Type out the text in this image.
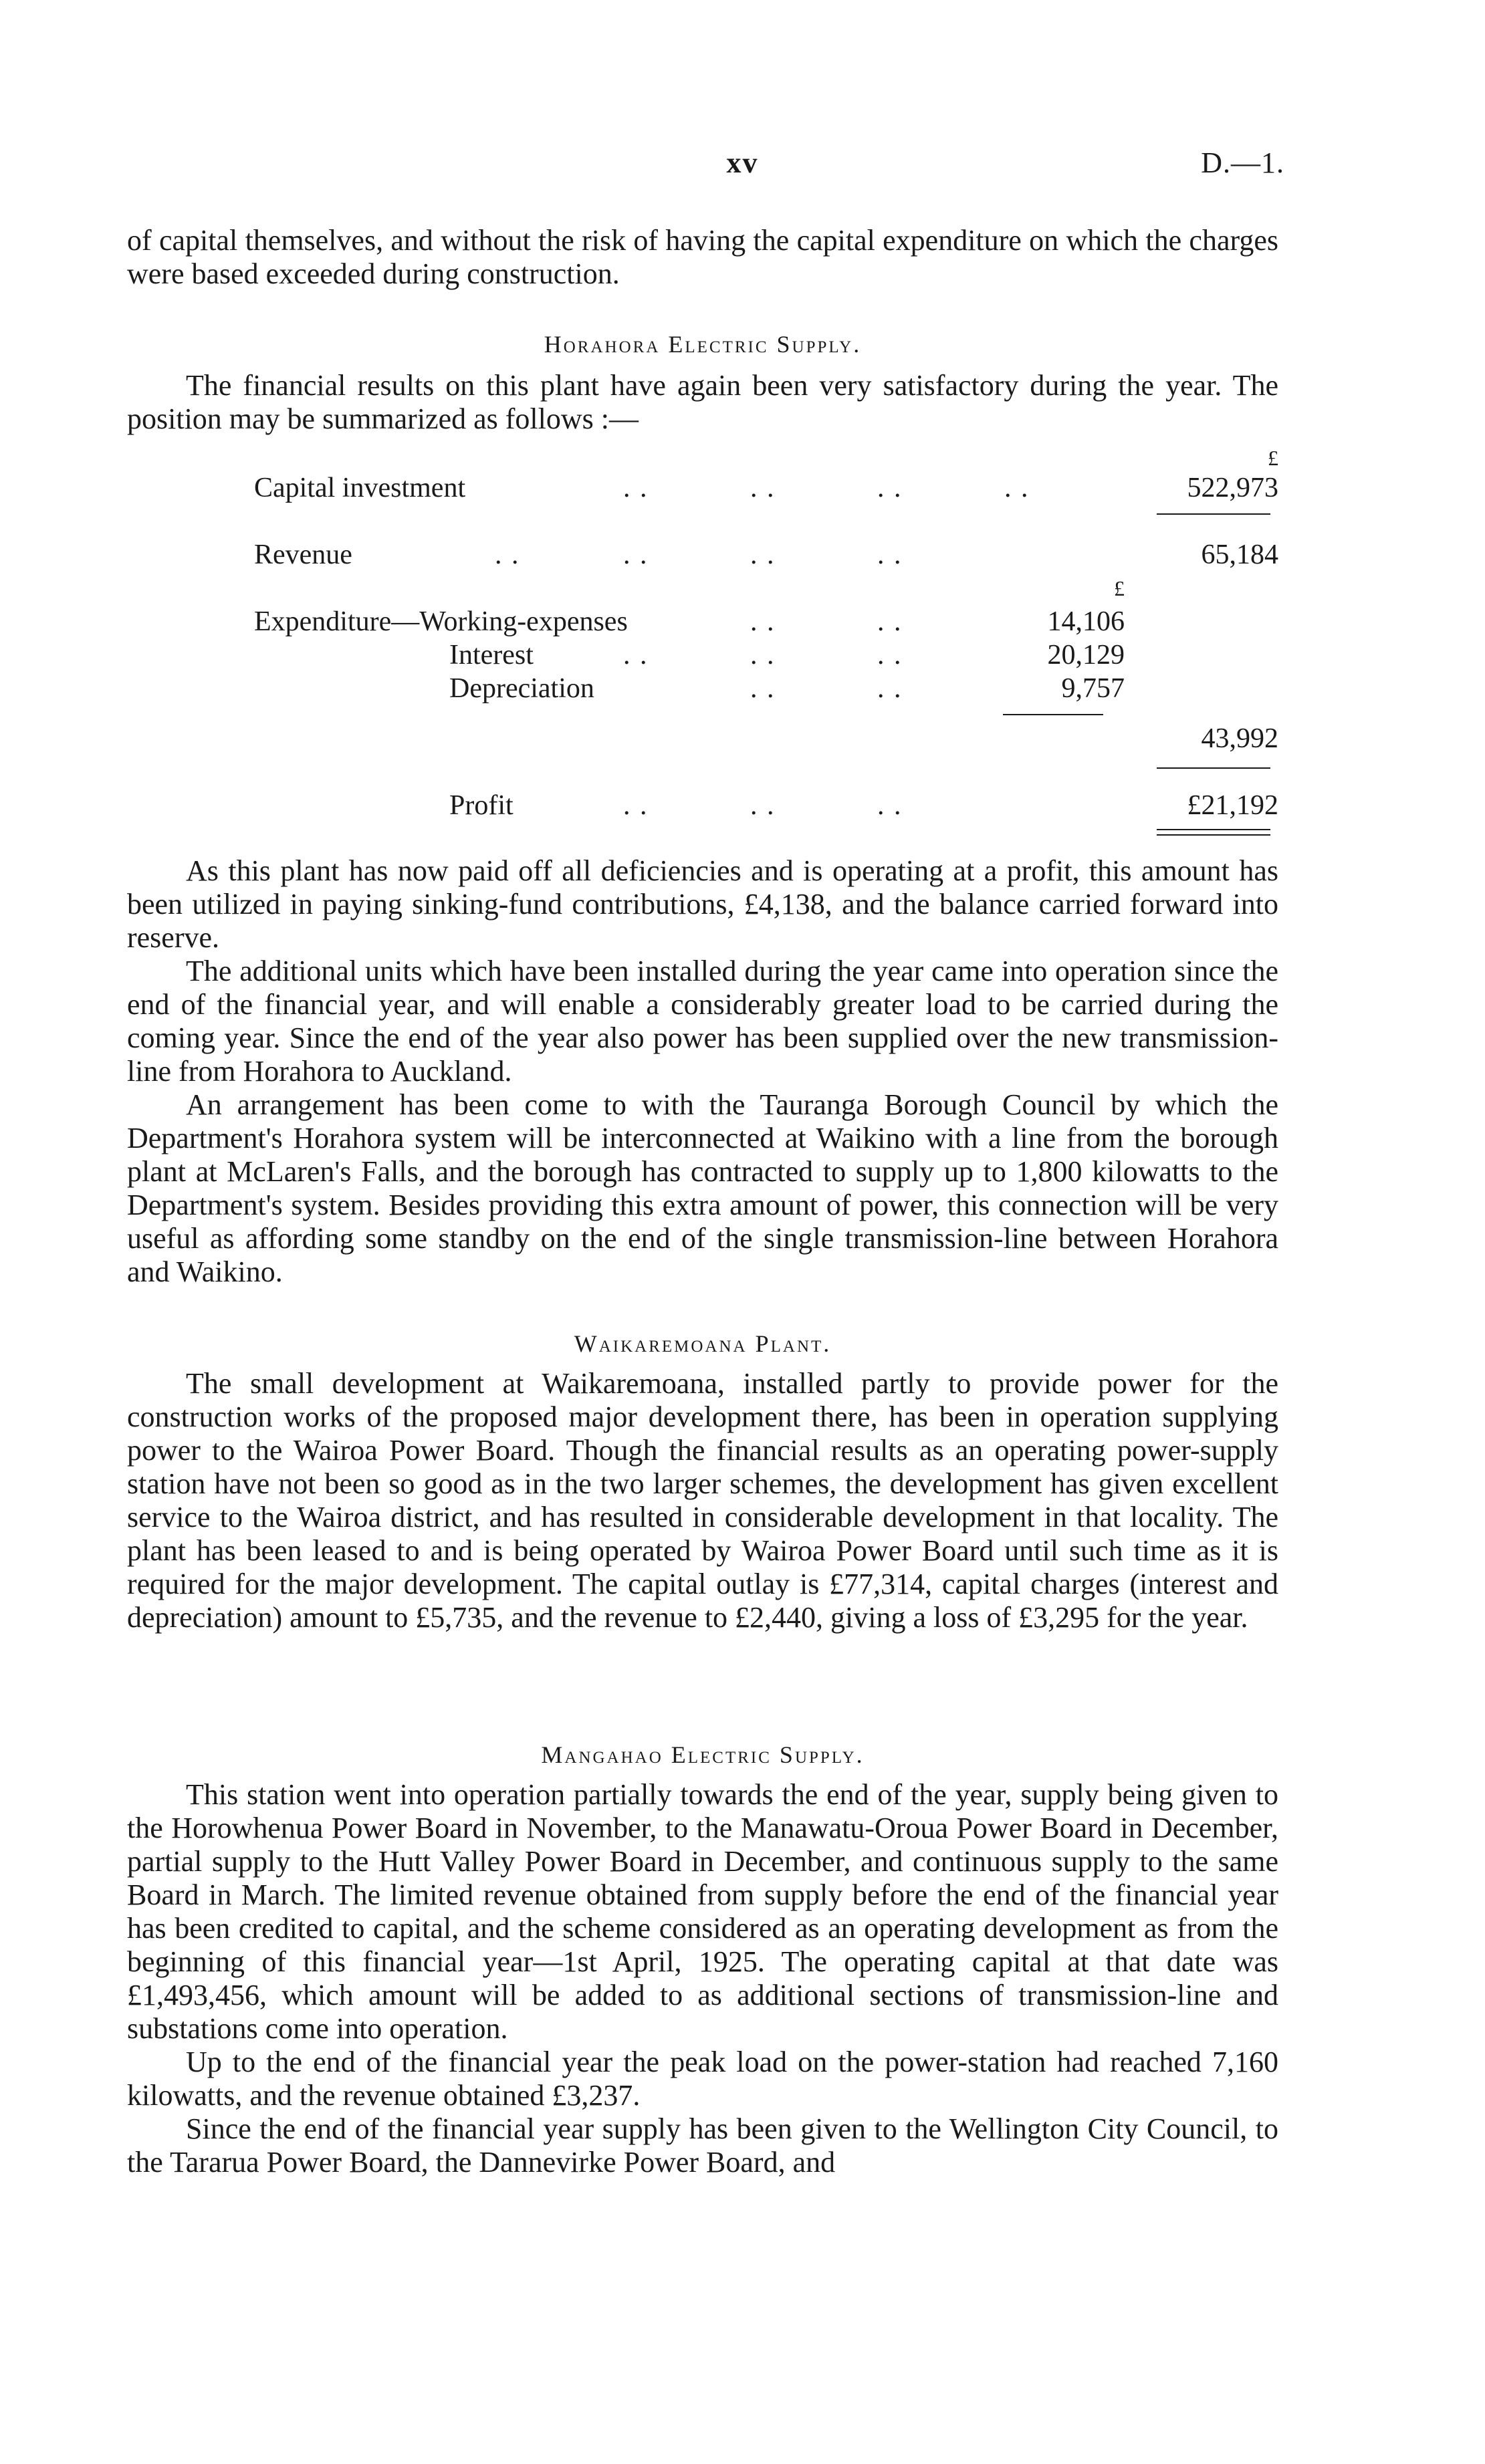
xv	D.—1.

of capital themselves, and without the risk of having the capital expenditure on which the charges were based exceeded during construction.

Horahora Electric Supply.

The financial results on this plant have again been very satisfactory during the year. The position may be summarized as follows :—

£
Capital investment	. .	. .	. .	. .	522,973
Revenue	. .	. .	. .	. .	65,184
£
Expenditure—Working-expenses	. .	. .	14,106
Interest	. .	. .	. .	20,129
Depreciation	. .	. .	9,757
43,992
Profit	. .	. .	. .	£21,192

As this plant has now paid off all deficiencies and is operating at a profit, this amount has been utilized in paying sinking-fund contributions, £4,138, and the balance carried forward into reserve.

The additional units which have been installed during the year came into operation since the end of the financial year, and will enable a considerably greater load to be carried during the coming year. Since the end of the year also power has been supplied over the new transmission-line from Horahora to Auckland.

An arrangement has been come to with the Tauranga Borough Council by which the Department's Horahora system will be interconnected at Waikino with a line from the borough plant at McLaren's Falls, and the borough has contracted to supply up to 1,800 kilowatts to the Department's system. Besides providing this extra amount of power, this connection will be very useful as affording some standby on the end of the single transmission-line between Horahora and Waikino.

Waikaremoana Plant.

The small development at Waikaremoana, installed partly to provide power for the construction works of the proposed major development there, has been in operation supplying power to the Wairoa Power Board. Though the financial results as an operating power-supply station have not been so good as in the two larger schemes, the development has given excellent service to the Wairoa district, and has resulted in considerable development in that locality. The plant has been leased to and is being operated by Wairoa Power Board until such time as it is required for the major development. The capital outlay is £77,314, capital charges (interest and depreciation) amount to £5,735, and the revenue to £2,440, giving a loss of £3,295 for the year.

Mangahao Electric Supply.

This station went into operation partially towards the end of the year, supply being given to the Horowhenua Power Board in November, to the Manawatu-Oroua Power Board in December, partial supply to the Hutt Valley Power Board in December, and continuous supply to the same Board in March. The limited revenue obtained from supply before the end of the financial year has been credited to capital, and the scheme considered as an operating development as from the beginning of this financial year—1st April, 1925. The operating capital at that date was £1,493,456, which amount will be added to as additional sections of transmission-line and substations come into operation.

Up to the end of the financial year the peak load on the power-station had reached 7,160 kilowatts, and the revenue obtained £3,237.

Since the end of the financial year supply has been given to the Wellington City Council, to the Tararua Power Board, the Dannevirke Power Board, and
